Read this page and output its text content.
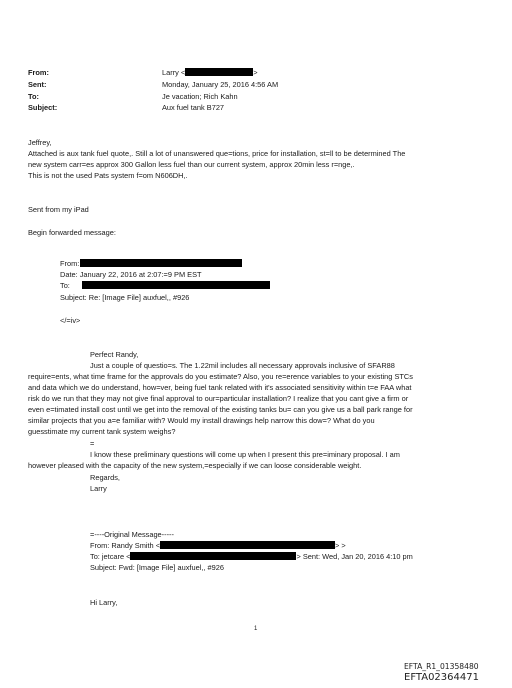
From:	Larry <	>
Sent:	Monday, January 25, 2016 4:56 AM
To:	Je vacation; Rich Kahn
Subject:	Aux fuel tank B727
Jeffrey,
Attached is aux tank fuel quote,. Still a lot of unanswered que=tions, price for installation, st=ll to be determined The
new system carr=es approx 300 Gallon less fuel than our current system, approx 20min less r=nge,.
This is not the used Pats system f=om N606DH,.
Sent from my iPad
Begin forwarded message:
From:
Date: January 22, 2016 at 2:07:=9 PM EST
To:
Subject: Re: [Image File] auxfuel,, #926
</=iv>
Perfect Randy,
Just a couple of questio=s. The 1.22mil includes all necessary approvals inclusive of SFAR88
require=ents, what time frame for the approvals do you estimate? Also, you re=erence variables to your existing STCs
and data which we do understand, how=ver, being fuel tank related with it's associated sensitivity within t=e FAA what
risk do we run that they may not give final approval to our=particular installation? I realize that you cant give a firm or
even e=timated install cost until we get into the removal of the existing tanks bu= can you give us a ball park range for
similar projects that you a=e familiar with? Would my install drawings help narrow this dow=? What do you
guesstimate my current tank system weighs?
=
I know these preliminary questions will come up when I present this pre=iminary proposal. I am
however pleased with the capacity of the new system,=especially if we can loose considerable weight.
Regards,
Larry
=----Original Message-----
From: Randy Smith <	> >
To: jetcare <	> Sent: Wed, Jan 20, 2016 4:10 pm
Subject: Fwd: [Image File] auxfuel,, #926
Hi Larry,
1
EFTA_R1_01358480
EFTA02364471
